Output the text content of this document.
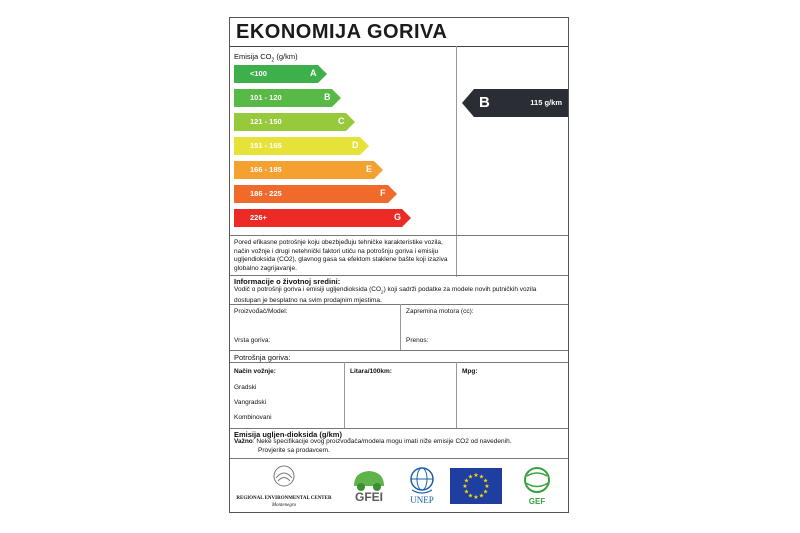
EKONOMIJA GORIVA
Emisija $CO_2$ (g/km)
<100	A
101 - 120	B
121 - 150	C
151 - 165	D
166 - 185	E
186 - 225	F
226+	G
B	115 g/km
Pored efikasne potrošnje koju obezbjeđuju tehničke karakteristike vozila, način vožnje i drugi netehnički faktori utiču na potrošnju goriva i emisiju ugljendioksida (CO2), glavnog gasa sa efektom staklene bašte koji izaziva globalno zagrijavanje.
Informacije o životnoj sredini:
Vodič o potrošnji goriva i emisiji ugljendioksida $(CO_2)$ koji sadrži podatke za modele novih putničkih vozila dostupan je besplatno na svim prodajnim mjestima.
Proizvođač/Model:	Zapremina motora (cc):
Vrsta goriva:	Prenos:
Potrošnja goriva:
Način vožnje:	Litara/100km:	Mpg:
Gradski
Vangradski
Kombinovani
Emisija ugljen-dioksida (g/km)
Važno: Neke specifikacije ovog proizvođača/modela mogu imati niže emisije CO2 od navedenih.
Provjerite sa prodavcem.
REGIONAL ENVIRONMENTAL CENTER
Montenegro
GFEI	UNEP
★
★
★
★
★
★
★
★
★ ★ ★
★
GEF
